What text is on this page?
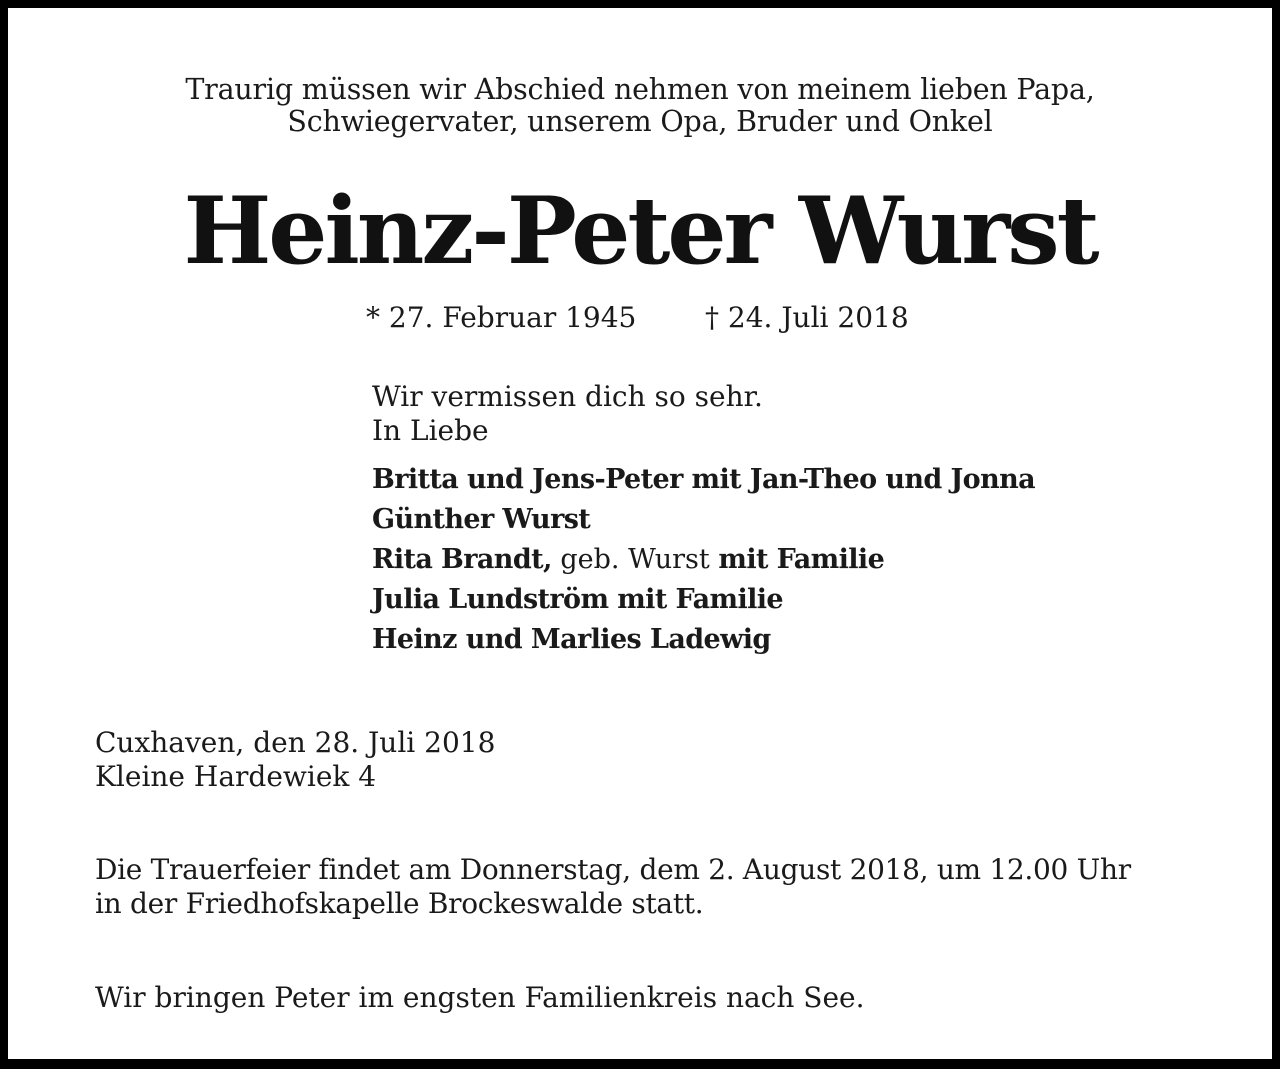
Traurig müssen wir Abschied nehmen von meinem lieben Papa,
Schwiegervater, unserem Opa, Bruder und Onkel
Heinz-Peter Wurst
* 27. Februar 1945 † 24. Juli 2018
Wir vermissen dich so sehr.
In Liebe
Britta und Jens-Peter mit Jan-Theo und Jonna
Günther Wurst
Rita Brandt, geb. Wurst mit Familie
Julia Lundström mit Familie
Heinz und Marlies Ladewig
Cuxhaven, den 28. Juli 2018
Kleine Hardewiek 4
Die Trauerfeier findet am Donnerstag, dem 2. August 2018, um 12.00 Uhr
in der Friedhofskapelle Brockeswalde statt.
Wir bringen Peter im engsten Familienkreis nach See.
